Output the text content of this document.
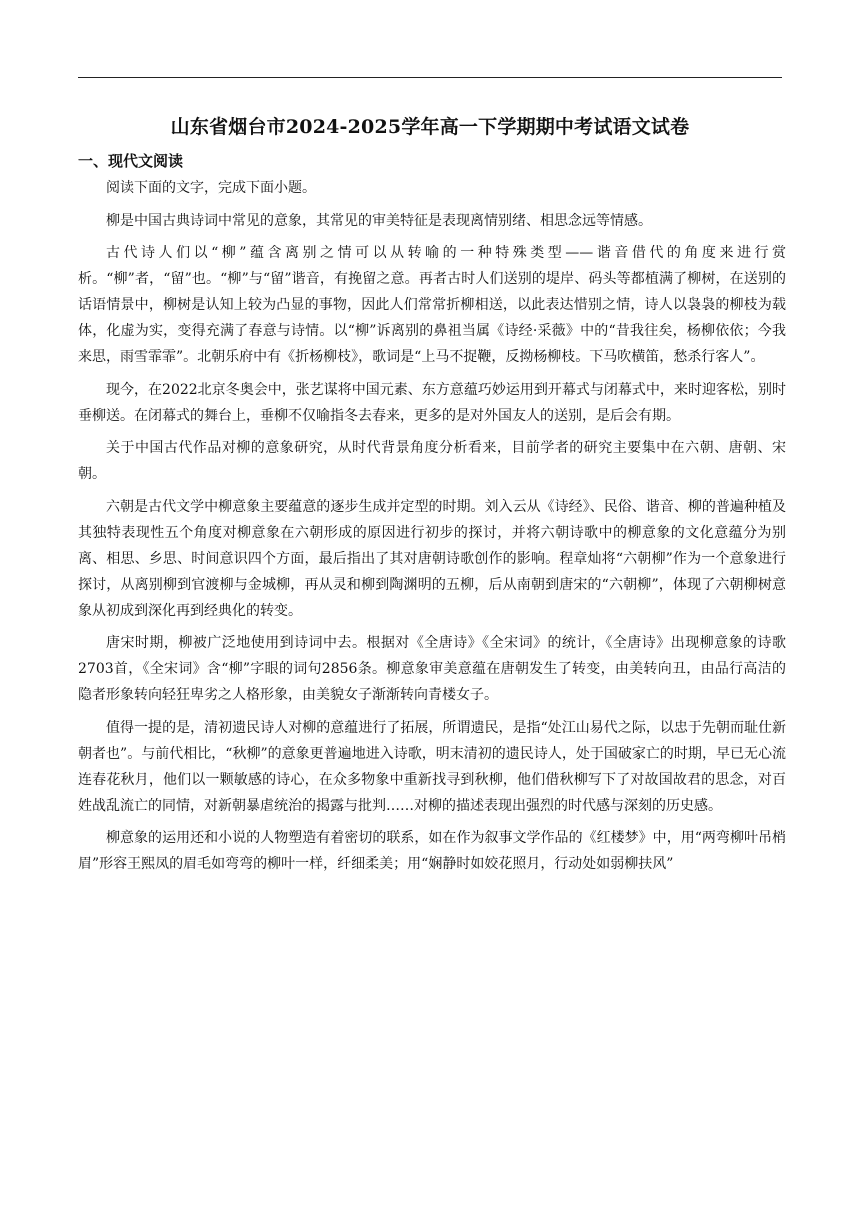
山东省烟台市2024-2025学年高一下学期期中考试语文试卷
一、现代文阅读

阅读下面的文字，完成下面小题。

柳是中国古典诗词中常见的意象，其常见的审美特征是表现离情别绪、相思念远等情感。

古代诗人们以“柳”蕴含离别之情可以从转喻的一种特殊类型——谐音借代的角度来进行赏析。“柳”者，“留”也。“柳”与“留”谐音，有挽留之意。再者古时人们送别的堤岸、码头等都植满了柳树，在送别的话语情景中，柳树是认知上较为凸显的事物，因此人们常常折柳相送，以此表达惜别之情，诗人以袅袅的柳枝为载体，化虚为实，变得充满了春意与诗情。以“柳”诉离别的鼻祖当属《诗经·采薇》中的“昔我往矣，杨柳依依；今我来思，雨雪霏霏”。北朝乐府中有《折杨柳枝》，歌词是“上马不捉鞭，反拗杨柳枝。下马吹横笛，愁杀行客人”。

现今，在2022北京冬奥会中，张艺谋将中国元素、东方意蕴巧妙运用到开幕式与闭幕式中，来时迎客松，别时垂柳送。在闭幕式的舞台上，垂柳不仅喻指冬去春来，更多的是对外国友人的送别，是后会有期。

关于中国古代作品对柳的意象研究，从时代背景角度分析看来，目前学者的研究主要集中在六朝、唐朝、宋朝。

六朝是古代文学中柳意象主要蕴意的逐步生成并定型的时期。刘入云从《诗经》、民俗、谐音、柳的普遍种植及其独特表现性五个角度对柳意象在六朝形成的原因进行初步的探讨，并将六朝诗歌中的柳意象的文化意蕴分为别离、相思、乡思、时间意识四个方面，最后指出了其对唐朝诗歌创作的影响。程章灿将“六朝柳”作为一个意象进行探讨，从离别柳到官渡柳与金城柳，再从灵和柳到陶渊明的五柳，后从南朝到唐宋的“六朝柳”，体现了六朝柳树意象从初成到深化再到经典化的转变。

唐宋时期，柳被广泛地使用到诗词中去。根据对《全唐诗》《全宋词》的统计，《全唐诗》出现柳意象的诗歌2703首，《全宋词》含“柳”字眼的词句2856条。柳意象审美意蕴在唐朝发生了转变，由美转向丑，由品行高洁的隐者形象转向轻狂卑劣之人格形象，由美貌女子渐渐转向青楼女子。

值得一提的是，清初遗民诗人对柳的意蕴进行了拓展，所谓遗民，是指“处江山易代之际，以忠于先朝而耻仕新朝者也”。与前代相比，“秋柳”的意象更普遍地进入诗歌，明末清初的遗民诗人，处于国破家亡的时期，早已无心流连春花秋月，他们以一颗敏感的诗心，在众多物象中重新找寻到秋柳，他们借秋柳写下了对故国故君的思念，对百姓战乱流亡的同情，对新朝暴虐统治的揭露与批判……对柳的描述表现出强烈的时代感与深刻的历史感。

柳意象的运用还和小说的人物塑造有着密切的联系，如在作为叙事文学作品的《红楼梦》中，用“两弯柳叶吊梢眉”形容王熙凤的眉毛如弯弯的柳叶一样，纤细柔美；用“娴静时如姣花照月，行动处如弱柳扶风”
